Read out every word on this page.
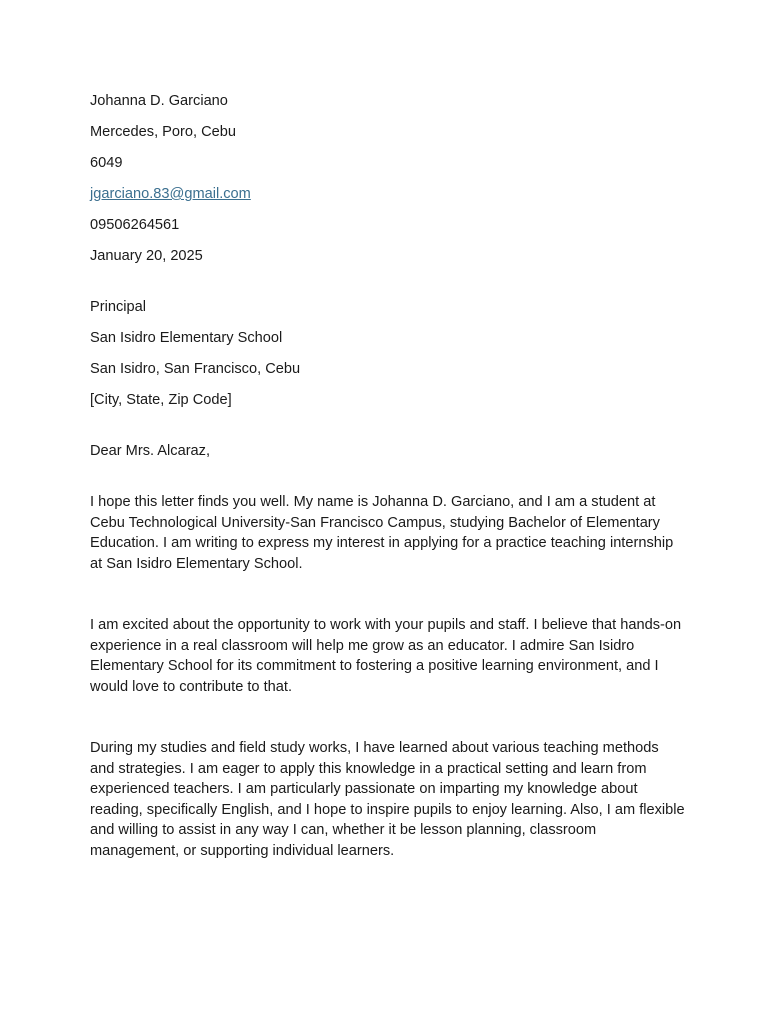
Johanna D. Garciano
Mercedes, Poro, Cebu
6049
jgarciano.83@gmail.com
09506264561
January 20, 2025
Principal
San Isidro Elementary School
San Isidro, San Francisco, Cebu
[City, State, Zip Code]
Dear Mrs. Alcaraz,

I hope this letter finds you well. My name is Johanna D. Garciano, and I am a student at Cebu Technological University-San Francisco Campus, studying Bachelor of Elementary Education. I am writing to express my interest in applying for a practice teaching internship at San Isidro Elementary School.

I am excited about the opportunity to work with your pupils and staff. I believe that hands-on experience in a real classroom will help me grow as an educator. I admire San Isidro Elementary School for its commitment to fostering a positive learning environment, and I would love to contribute to that.

During my studies and field study works, I have learned about various teaching methods and strategies. I am eager to apply this knowledge in a practical setting and learn from experienced teachers. I am particularly passionate on imparting my knowledge about reading, specifically English, and I hope to inspire pupils to enjoy learning. Also, I am flexible and willing to assist in any way I can, whether it be lesson planning, classroom management, or supporting individual learners.
